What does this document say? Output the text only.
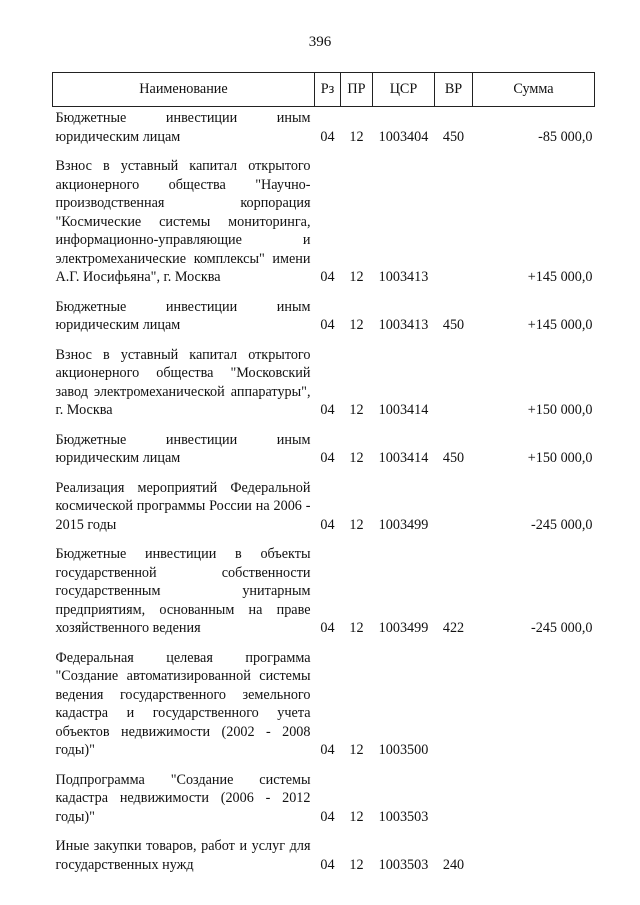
396
Наименование	Рз	ПР	ЦСР	ВР	Сумма
Бюджетные инвестиции иным юридическим лицам	04	12	1003404	450	-85 000,0
Взнос в уставный капитал открытого акционерного общества "Научно-производственная корпорация "Космические системы мониторинга, информационно-управляющие и электромеханические комплексы" имени А.Г. Иосифьяна", г. Москва	04	12	1003413		+145 000,0
Бюджетные инвестиции иным юридическим лицам	04	12	1003413	450	+145 000,0
Взнос в уставный капитал открытого акционерного общества "Московский завод электромеханической аппаратуры", г. Москва	04	12	1003414		+150 000,0
Бюджетные инвестиции иным юридическим лицам	04	12	1003414	450	+150 000,0
Реализация мероприятий Федеральной космической программы России на 2006 - 2015 годы	04	12	1003499		-245 000,0
Бюджетные инвестиции в объекты государственной собственности государственным унитарным предприятиям, основанным на праве хозяйственного ведения	04	12	1003499	422	-245 000,0
Федеральная целевая программа "Создание автоматизированной системы ведения государственного земельного кадастра и государственного учета объектов недвижимости (2002 - 2008 годы)"	04	12	1003500		
Подпрограмма "Создание системы кадастра недвижимости (2006 - 2012 годы)"	04	12	1003503		
Иные закупки товаров, работ и услуг для государственных нужд	04	12	1003503	240	
